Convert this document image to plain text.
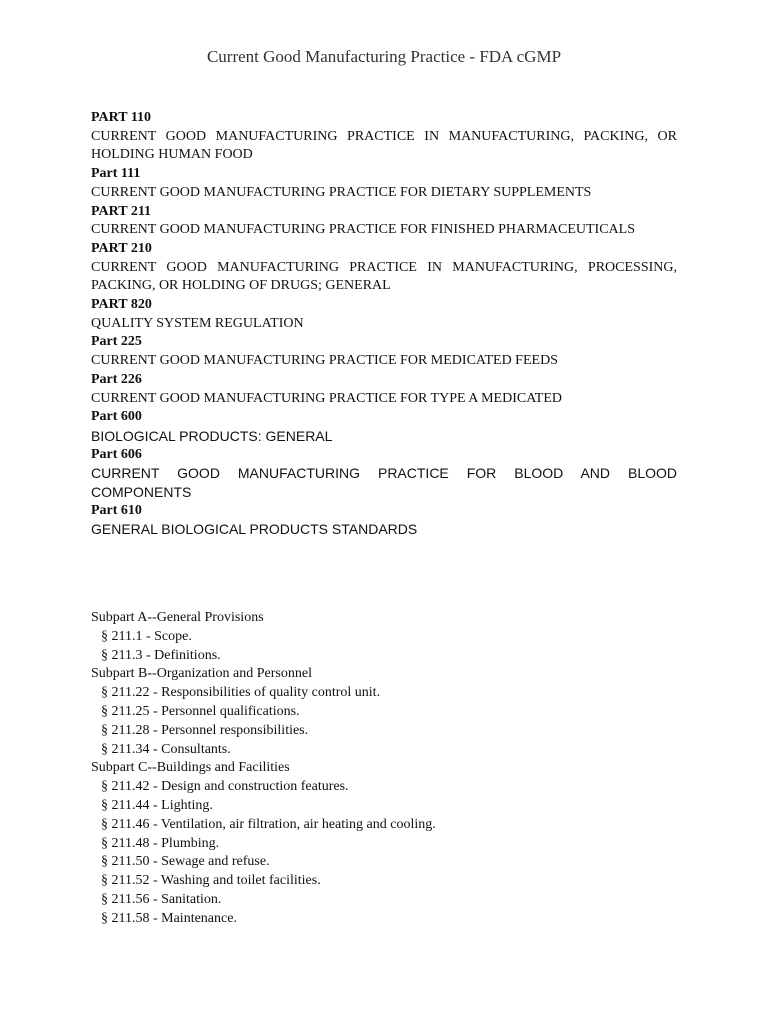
Current Good Manufacturing Practice - FDA cGMP
PART 110
CURRENT GOOD MANUFACTURING PRACTICE IN MANUFACTURING, PACKING, OR HOLDING HUMAN FOOD
Part 111
CURRENT GOOD MANUFACTURING PRACTICE FOR DIETARY SUPPLEMENTS
PART 211
CURRENT GOOD MANUFACTURING PRACTICE FOR FINISHED PHARMACEUTICALS
PART 210
CURRENT GOOD MANUFACTURING PRACTICE IN MANUFACTURING, PROCESSING, PACKING, OR HOLDING OF DRUGS; GENERAL
PART 820
QUALITY SYSTEM REGULATION
Part 225
CURRENT GOOD MANUFACTURING PRACTICE FOR MEDICATED FEEDS
Part 226
CURRENT GOOD MANUFACTURING PRACTICE FOR TYPE A MEDICATED
Part 600
BIOLOGICAL PRODUCTS: GENERAL
Part 606
CURRENT GOOD MANUFACTURING PRACTICE FOR BLOOD AND BLOOD COMPONENTS
Part 610
GENERAL BIOLOGICAL PRODUCTS STANDARDS
Subpart A--General Provisions
§ 211.1 - Scope.
§ 211.3 - Definitions.
Subpart B--Organization and Personnel
§ 211.22 - Responsibilities of quality control unit.
§ 211.25 - Personnel qualifications.
§ 211.28 - Personnel responsibilities.
§ 211.34 - Consultants.
Subpart C--Buildings and Facilities
§ 211.42 - Design and construction features.
§ 211.44 - Lighting.
§ 211.46 - Ventilation, air filtration, air heating and cooling.
§ 211.48 - Plumbing.
§ 211.50 - Sewage and refuse.
§ 211.52 - Washing and toilet facilities.
§ 211.56 - Sanitation.
§ 211.58 - Maintenance.
